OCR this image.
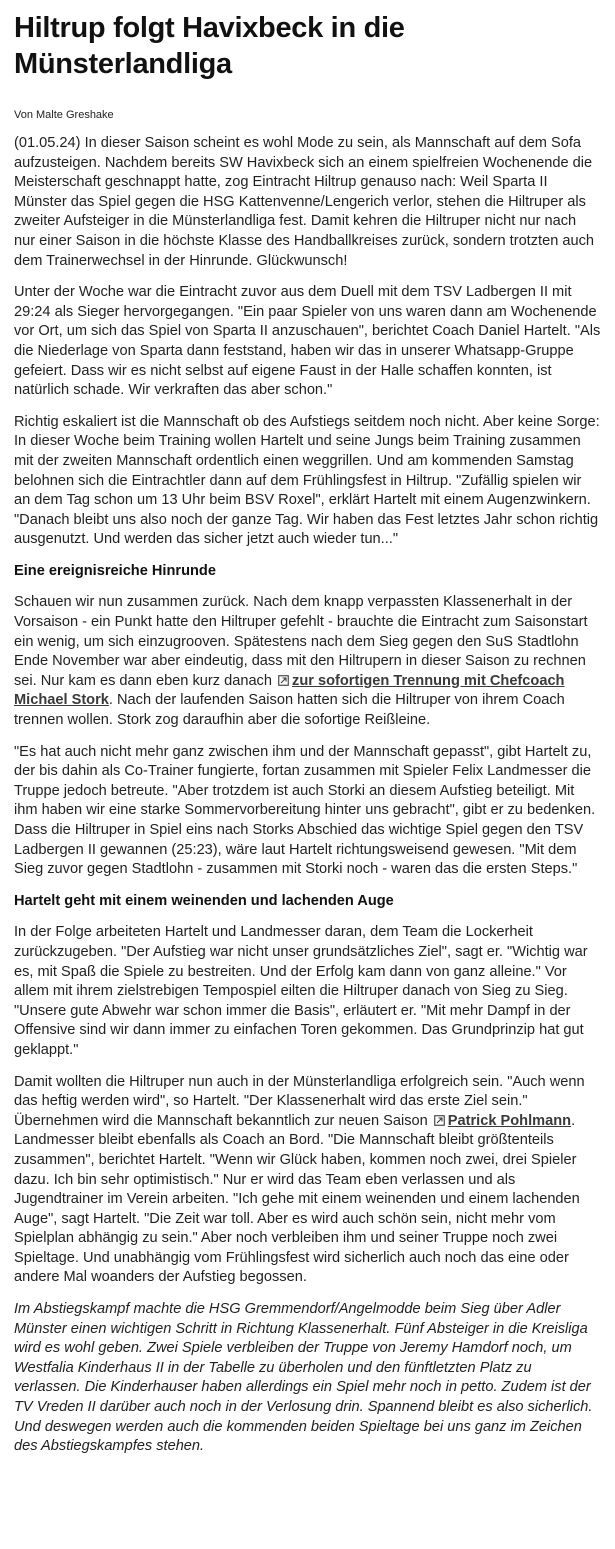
Hiltrup folgt Havixbeck in die Münsterlandliga
Von Malte Greshake

(01.05.24) In dieser Saison scheint es wohl Mode zu sein, als Mannschaft auf dem Sofa aufzusteigen. Nachdem bereits SW Havixbeck sich an einem spielfreien Wochenende die Meisterschaft geschnappt hatte, zog Eintracht Hiltrup genauso nach: Weil Sparta II Münster das Spiel gegen die HSG Kattenvenne/Lengerich verlor, stehen die Hiltruper als zweiter Aufsteiger in die Münsterlandliga fest. Damit kehren die Hiltruper nicht nur nach nur einer Saison in die höchste Klasse des Handballkreises zurück, sondern trotzten auch dem Trainerwechsel in der Hinrunde. Glückwunsch!

Unter der Woche war die Eintracht zuvor aus dem Duell mit dem TSV Ladbergen II mit 29:24 als Sieger hervorgegangen. "Ein paar Spieler von uns waren dann am Wochenende vor Ort, um sich das Spiel von Sparta II anzuschauen", berichtet Coach Daniel Hartelt. "Als die Niederlage von Sparta dann feststand, haben wir das in unserer Whatsapp-Gruppe gefeiert. Dass wir es nicht selbst auf eigene Faust in der Halle schaffen konnten, ist natürlich schade. Wir verkraften das aber schon."

Richtig eskaliert ist die Mannschaft ob des Aufstiegs seitdem noch nicht. Aber keine Sorge: In dieser Woche beim Training wollen Hartelt und seine Jungs beim Training zusammen mit der zweiten Mannschaft ordentlich einen weggrillen. Und am kommenden Samstag belohnen sich die Eintrachtler dann auf dem Frühlingsfest in Hiltrup. "Zufällig spielen wir an dem Tag schon um 13 Uhr beim BSV Roxel", erklärt Hartelt mit einem Augenzwinkern. "Danach bleibt uns also noch der ganze Tag. Wir haben das Fest letztes Jahr schon richtig ausgenutzt. Und werden das sicher jetzt auch wieder tun..."

Eine ereignisreiche Hinrunde

Schauen wir nun zusammen zurück. Nach dem knapp verpassten Klassenerhalt in der Vorsaison - ein Punkt hatte den Hiltruper gefehlt - brauchte die Eintracht zum Saisonstart ein wenig, um sich einzugrooven. Spätestens nach dem Sieg gegen den SuS Stadtlohn Ende November war aber eindeutig, dass mit den Hiltrupern in dieser Saison zu rechnen sei. Nur kam es dann eben kurz danach zur sofortigen Trennung mit Chefcoach Michael Stork. Nach der laufenden Saison hatten sich die Hiltruper von ihrem Coach trennen wollen. Stork zog daraufhin aber die sofortige Reißleine.

"Es hat auch nicht mehr ganz zwischen ihm und der Mannschaft gepasst", gibt Hartelt zu, der bis dahin als Co-Trainer fungierte, fortan zusammen mit Spieler Felix Landmesser die Truppe jedoch betreute. "Aber trotzdem ist auch Storki an diesem Aufstieg beteiligt. Mit ihm haben wir eine starke Sommervorbereitung hinter uns gebracht", gibt er zu bedenken. Dass die Hiltruper in Spiel eins nach Storks Abschied das wichtige Spiel gegen den TSV Ladbergen II gewannen (25:23), wäre laut Hartelt richtungsweisend gewesen. "Mit dem Sieg zuvor gegen Stadtlohn - zusammen mit Storki noch - waren das die ersten Steps."

Hartelt geht mit einem weinenden und lachenden Auge

In der Folge arbeiteten Hartelt und Landmesser daran, dem Team die Lockerheit zurückzugeben. "Der Aufstieg war nicht unser grundsätzliches Ziel", sagt er. "Wichtig war es, mit Spaß die Spiele zu bestreiten. Und der Erfolg kam dann von ganz alleine." Vor allem mit ihrem zielstrebigen Tempospiel eilten die Hiltruper danach von Sieg zu Sieg. "Unsere gute Abwehr war schon immer die Basis", erläutert er. "Mit mehr Dampf in der Offensive sind wir dann immer zu einfachen Toren gekommen. Das Grundprinzip hat gut geklappt."

Damit wollten die Hiltruper nun auch in der Münsterlandliga erfolgreich sein. "Auch wenn das heftig werden wird", so Hartelt. "Der Klassenerhalt wird das erste Ziel sein." Übernehmen wird die Mannschaft bekanntlich zur neuen Saison Patrick Pohlmann. Landmesser bleibt ebenfalls als Coach an Bord. "Die Mannschaft bleibt größtenteils zusammen", berichtet Hartelt. "Wenn wir Glück haben, kommen noch zwei, drei Spieler dazu. Ich bin sehr optimistisch." Nur er wird das Team eben verlassen und als Jugendtrainer im Verein arbeiten. "Ich gehe mit einem weinenden und einem lachenden Auge", sagt Hartelt. "Die Zeit war toll. Aber es wird auch schön sein, nicht mehr vom Spielplan abhängig zu sein." Aber noch verbleiben ihm und seiner Truppe noch zwei Spieltage. Und unabhängig vom Frühlingsfest wird sicherlich auch noch das eine oder andere Mal woanders der Aufstieg begossen.

Im Abstiegskampf machte die HSG Gremmendorf/Angelmodde beim Sieg über Adler Münster einen wichtigen Schritt in Richtung Klassenerhalt. Fünf Absteiger in die Kreisliga wird es wohl geben. Zwei Spiele verbleiben der Truppe von Jeremy Hamdorf noch, um Westfalia Kinderhaus II in der Tabelle zu überholen und den fünftletzten Platz zu verlassen. Die Kinderhauser haben allerdings ein Spiel mehr noch in petto. Zudem ist der TV Vreden II darüber auch noch in der Verlosung drin. Spannend bleibt es also sicherlich. Und deswegen werden auch die kommenden beiden Spieltage bei uns ganz im Zeichen des Abstiegskampfes stehen.
